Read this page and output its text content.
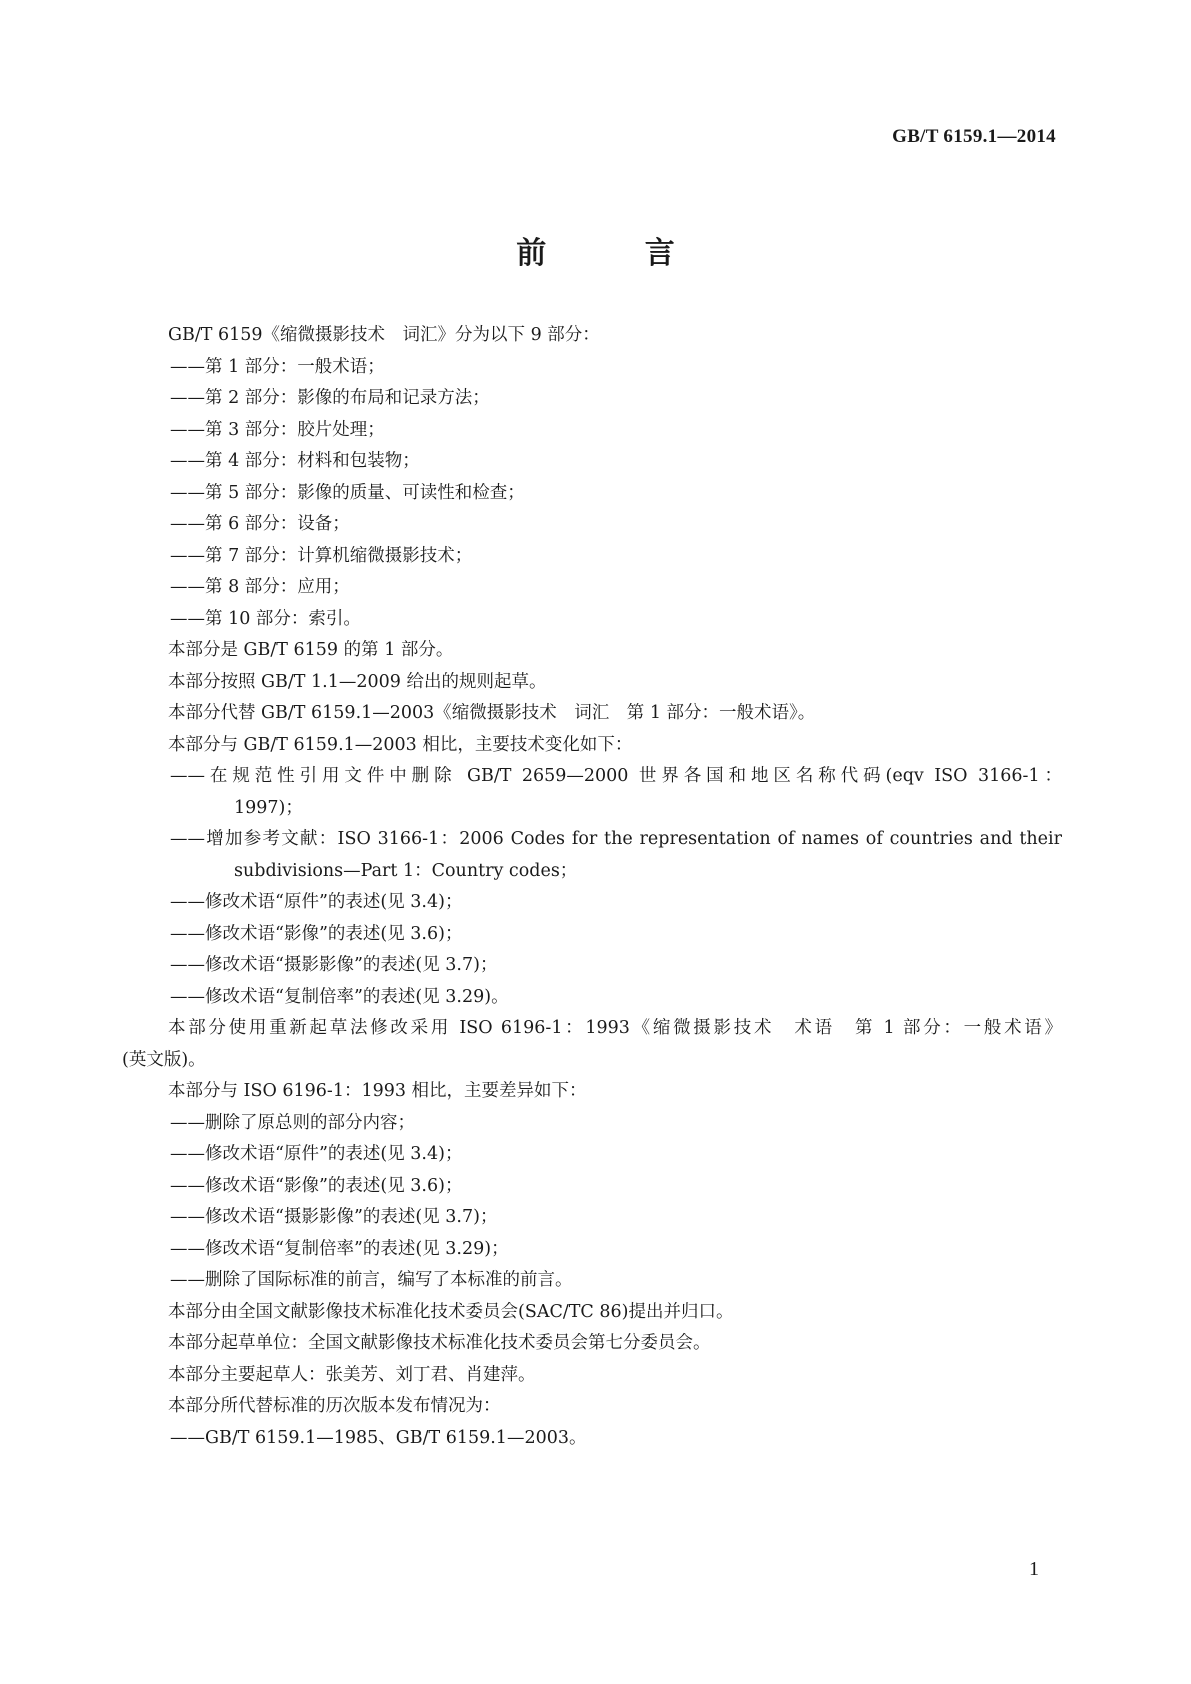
GB/T 6159.1—2014
前 言
GB/T 6159《缩微摄影技术　词汇》分为以下 9 部分：
——第 1 部分：一般术语；
——第 2 部分：影像的布局和记录方法；
——第 3 部分：胶片处理；
——第 4 部分：材料和包装物；
——第 5 部分：影像的质量、可读性和检查；
——第 6 部分：设备；
——第 7 部分：计算机缩微摄影技术；
——第 8 部分：应用；
——第 10 部分：索引。
本部分是 GB/T 6159 的第 1 部分。
本部分按照 GB/T 1.1—2009 给出的规则起草。
本部分代替 GB/T 6159.1—2003《缩微摄影技术　词汇　第 1 部分：一般术语》。
本部分与 GB/T 6159.1—2003 相比，主要技术变化如下：
——在规范性引用文件中删除 GB/T 2659—2000 世界各国和地区名称代码(eqv ISO 3166-1：
1997)；
——增加参考文献：ISO 3166-1：2006 Codes for the representation of names of countries and their
subdivisions—Part 1：Country codes；
——修改术语“原件”的表述(见 3.4)；
——修改术语“影像”的表述(见 3.6)；
——修改术语“摄影影像”的表述(见 3.7)；
——修改术语“复制倍率”的表述(见 3.29)。
本部分使用重新起草法修改采用 ISO 6196-1：1993《缩微摄影技术　术语　第 1 部分：一般术语》
(英文版)。
本部分与 ISO 6196-1：1993 相比，主要差异如下：
——删除了原总则的部分内容；
——修改术语“原件”的表述(见 3.4)；
——修改术语“影像”的表述(见 3.6)；
——修改术语“摄影影像”的表述(见 3.7)；
——修改术语“复制倍率”的表述(见 3.29)；
——删除了国际标准的前言，编写了本标准的前言。
本部分由全国文献影像技术标准化技术委员会(SAC/TC 86)提出并归口。
本部分起草单位：全国文献影像技术标准化技术委员会第七分委员会。
本部分主要起草人：张美芳、刘丁君、肖建萍。
本部分所代替标准的历次版本发布情况为：
——GB/T 6159.1—1985、GB/T 6159.1—2003。
1
